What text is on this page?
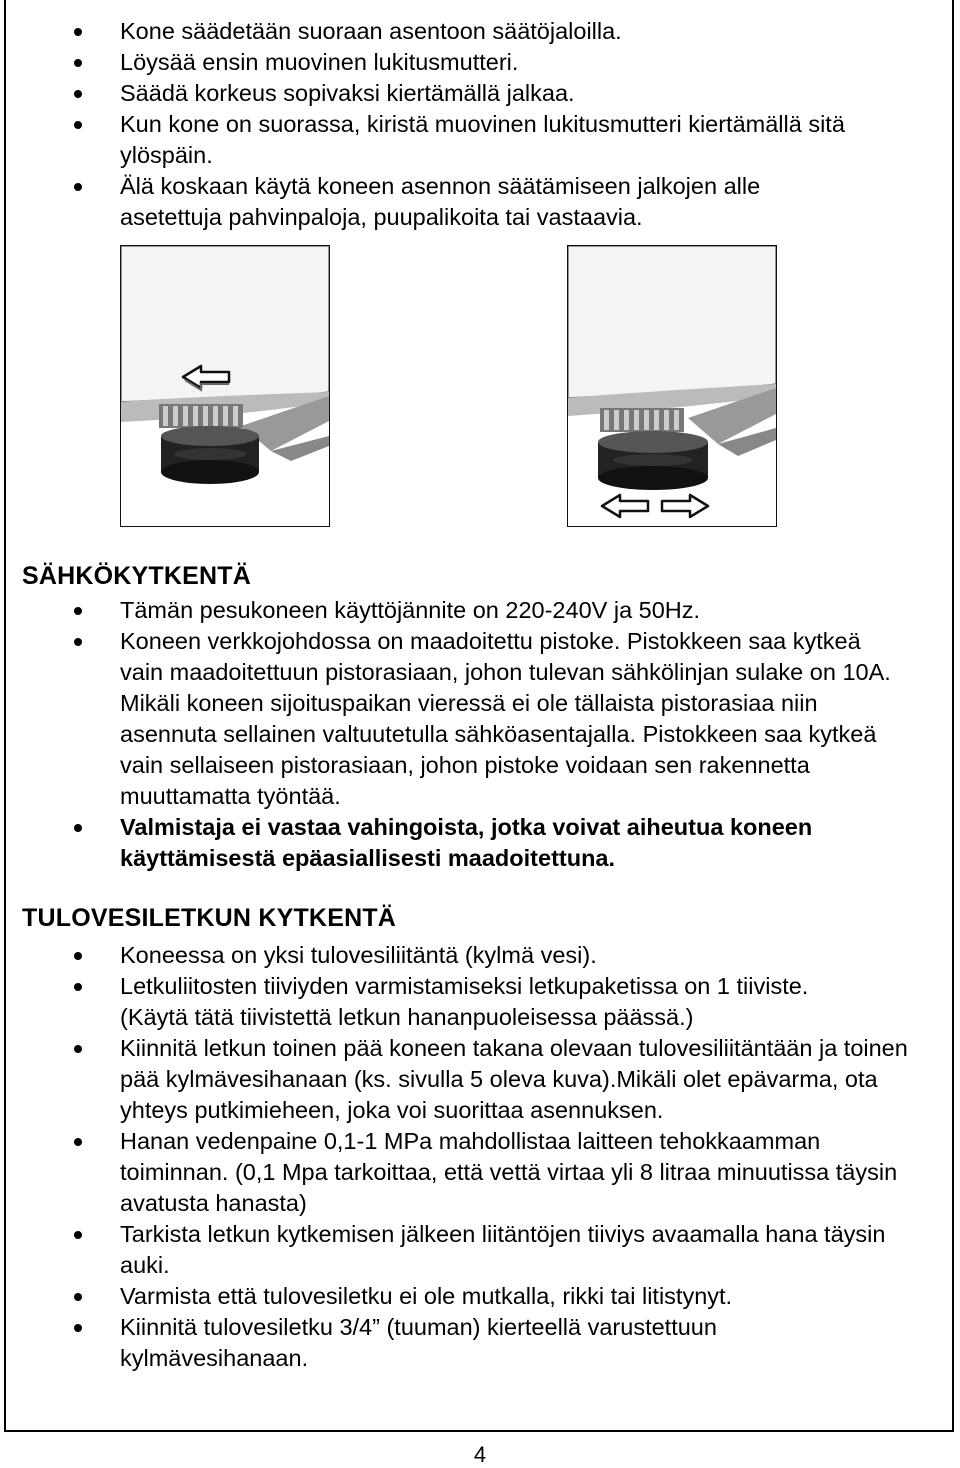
Kone säädetään suoraan asentoon säätöjaloilla.
Löysää ensin muovinen lukitusmutteri.
Säädä korkeus sopivaksi kiertämällä jalkaa.
Kun kone on suorassa, kiristä muovinen lukitusmutteri kiertämällä sitä ylöspäin.
Älä koskaan käytä koneen asennon säätämiseen jalkojen alle asetettuja pahvinpaloja, puupalikoita tai vastaavia.
SÄHKÖKYTKENTÄ
Tämän pesukoneen käyttöjännite on 220-240V ja 50Hz.
Koneen verkkojohdossa on maadoitettu pistoke. Pistokkeen saa kytkeä vain maadoitettuun pistorasiaan, johon tulevan sähkölinjan sulake on 10A. Mikäli koneen sijoituspaikan vieressä ei ole tällaista pistorasiaa niin asennuta sellainen valtuutetulla sähköasentajalla. Pistokkeen saa kytkeä vain sellaiseen pistorasiaan, johon pistoke voidaan sen rakennetta muuttamatta työntää.
Valmistaja ei vastaa vahingoista, jotka voivat aiheutua koneen käyttämisestä epäasiallisesti maadoitettuna.
TULOVESILETKUN KYTKENTÄ
Koneessa on yksi tulovesiliitäntä (kylmä vesi).
Letkuliitosten tiiviyden varmistamiseksi letkupaketissa on 1 tiiviste.(Käytä tätä tiivistettä letkun hananpuoleisessa päässä.)
Kiinnitä letkun toinen pää koneen takana olevaan tulovesiliitäntään ja toinen pää kylmävesihanaan (ks. sivulla 5 oleva kuva).Mikäli olet epävarma, ota yhteys putkimieheen, joka voi suorittaa asennuksen.
Hanan vedenpaine 0,1-1 MPa mahdollistaa laitteen tehokkaamman toiminnan. (0,1 Mpa tarkoittaa, että vettä virtaa yli 8 litraa minuutissa täysin avatusta hanasta)
Tarkista letkun kytkemisen jälkeen liitäntöjen tiiviys avaamalla hana täysin auki.
Varmista että tulovesiletku ei ole mutkalla, rikki tai litistynyt.
Kiinnitä tulovesiletku 3/4” (tuuman) kierteellä varustettuun kylmävesihanaan.
4
